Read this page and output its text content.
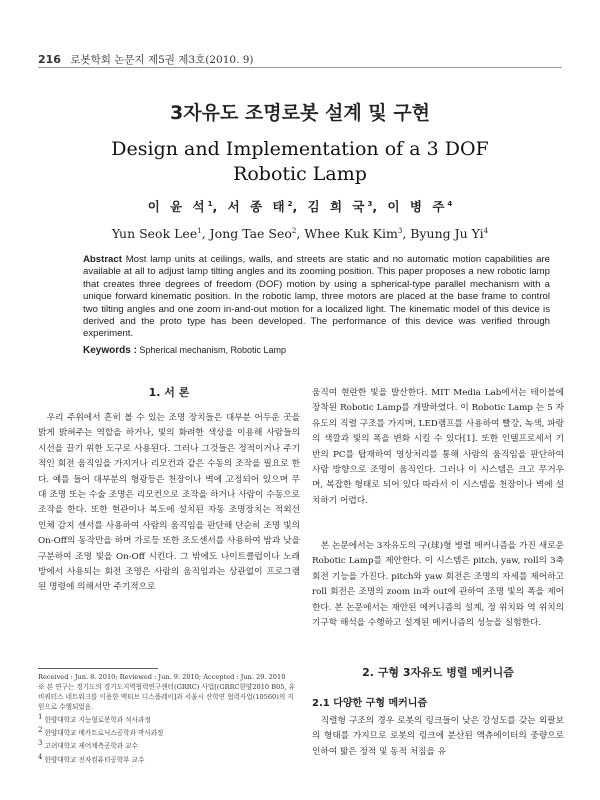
216 로봇학회 논문지 제5권 제3호(2010. 9)
3자유도 조명로봇 설계 및 구현
Design and Implementation of a 3 DOF Robotic Lamp
이 윤 석$^1$, 서 종 태$^2$, 김 희 국$^3$, 이 병 주$^4$
Yun Seok Lee$^1$, Jong Tae Seo$^2$, Whee Kuk Kim$^3$, Byung Ju Yi$^4$
Abstract Most lamp units at ceilings, walls, and streets are static and no automatic motion capabilities are available at all to adjust lamp tilting angles and its zooming position. This paper proposes a new robotic lamp that creates three degrees of freedom (DOF) motion by using a spherical-type parallel mechanism with a unique forward kinematic position. In the robotic lamp, three motors are placed at the base frame to control two tilting angles and one zoom in-and-out motion for a localized light. The kinematic model of this device is derived and the proto type has been developed. The performance of this device was verified through experiment.
Keywords : Spherical mechanism, Robotic Lamp
1. 서 론

우리 주위에서 흔히 볼 수 있는 조명 장치들은 대부분 어두운 곳을 밝게 밝혀주는 역할을 하거나, 빛의 화려한 색상을 이용해 사람들의 시선을 끌기 위한 도구로 사용된다. 그러나 그것들은 정적이거나 주기적인 회전 움직임을 가지거나 리모컨과 같은 수동의 조작을 필요로 한다. 예를 들어 대부분의 형광등은 천장이나 벽에 고정되어 있으며 무대 조명 또는 수술 조명은 리모컨으로 조작을 하거나 사람이 수동으로 조작을 한다. 또한 현관이나 복도에 설치된 자동 조명장치는 적외선 인체 감지 센서를 사용하여 사람의 움직임을 판단해 단순히 조명 빛의 On-Off의 동작만을 하며 가로등 또한 조도센서를 사용하여 밤과 낮을 구분하여 조명 빛을 On-Off 시킨다. 그 밖에도 나이트클럽이나 노래방에서 사용되는 회전 조명은 사람의 움직임과는 상관없이 프로그램된 명령에 의해서만 주기적으로

Received : Jun. 8. 2010; Reviewed : Jun. 9. 2010; Accepted : Jun. 29. 2010

※ 본 연구는 경기도의 경기도지역협력연구센터(GRRC) 사업[(GRRC한양2010 B05, 유비쿼터스 네트워크를 이용한 액티브 디스플레이]과 서울시 산학연 협력사업(10560)의 지원으로 수행되었음.

$^1$ 한양대학교 지능형로봇학과 석사과정

$^2$ 한양대학교 메카트로닉스공학과 박사과정

$^3$ 고려대학교 제어계측공학과 교수

$^4$ 한양대학교 전자컴퓨터공학부 교수

움직여 현란한 빛을 발산한다. MIT Media Lab에서는 테이블에 장착된 Robotic Lamp를 개발하였다. 이 Robotic Lamp 는 5 자유도의 직렬 구조를 가지며, LED램프를 사용하여 빨강, 녹색, 파랑의 색깔과 빛의 폭을 변화 시킬 수 있다[1]. 또한 인텔프로세서 기반의 PC를 탑재하여 영상처리를 통해 사람의 움직임을 판단하여 사람 방향으로 조명이 움직인다. 그러나 이 시스템은 크고 무거우며, 복잡한 형태로 되어 있다 따라서 이 시스템을 천장이나 벽에 설치하기 어렵다.

본 논문에서는 3자유도의 구(球)형 병렬 메커니즘을 가진 새로운 Robotic Lamp를 제안한다. 이 시스템은 pitch, yaw, roll의 3축 회전 기능을 가진다. pitch와 yaw 회전은 조명의 자세를 제어하고 roll 회전은 조명의 zoom in과 out에 관하여 조명 빛의 폭을 제어한다. 본 논문에서는 재안된 메커니즘의 설계, 정 위치와 역 위치의 기구학 해석을 수행하고 설계된 메커니즘의 성능을 실험한다.

2. 구형 3자유도 병렬 메커니즘
2.1 다양한 구형 메커니즘

직렬형 구조의 경우 로봇의 링크들이 낮은 강성도를 갖는 외팔보의 형태를 가지므로 로봇의 링크에 분산된 액츄에이터의 중량으로 인하여 밟은 정적 및 동적 처짐을 유
